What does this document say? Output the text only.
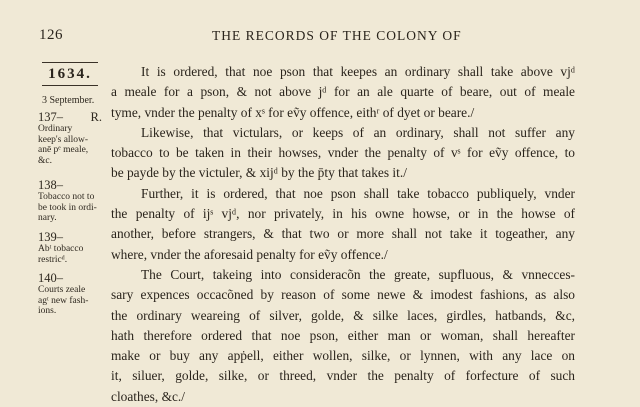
126	THE RECORDS OF THE COLONY OF
1634.
3 September.
137– R.
Ordinary
keep's allow-
anē pᵉ meale,
&c.
138–
Tobacco not to
be took in ordi-
nary.
139–
Abᵗ tobacco
restricᵈ.
140–
Courts zeale
agᵗ new fash-
ions.
It is ordered, that noe pson that keepes an ordinary shall take above vjᵈ
a meale for a pson, & not above jᵈ for an ale quarte of beare, out of meale
tyme, vnder the penalty of xˢ for eṽy offence, eithʳ of dyet or beare./
Likewise, that victulars, or keeps of an ordinary, shall not suffer any
tobacco to be taken in their howses, vnder the penalty of vˢ for eṽy offence, to
be payde by the victuler, & xijᵈ by the p̄ty that takes it./
Further, it is ordered, that noe pson shall take tobacco publiquely, vnder
the penalty of ijˢ vjᵈ, nor privately, in his owne howse, or in the howse of
another, before strangers, & that two or more shall not take it togeather, any
where, vnder the aforesaid penalty for eṽy offence./
The Court, takeing into consideracõn the greate, supfluous, & vnnecces-
sary expences occacõned by reason of some newe & imodest fashions, as also
the ordinary weareing of silver, golde, & silke laces, girdles, hatbands, &c,
hath therefore ordered that noe pson, either man or woman, shall hereafter
make or buy any apṗell, either wollen, silke, or lynnen, with any lace on
it, siluer, golde, silke, or threed, vnder the penalty of forfecture of such
cloathes, &c./
